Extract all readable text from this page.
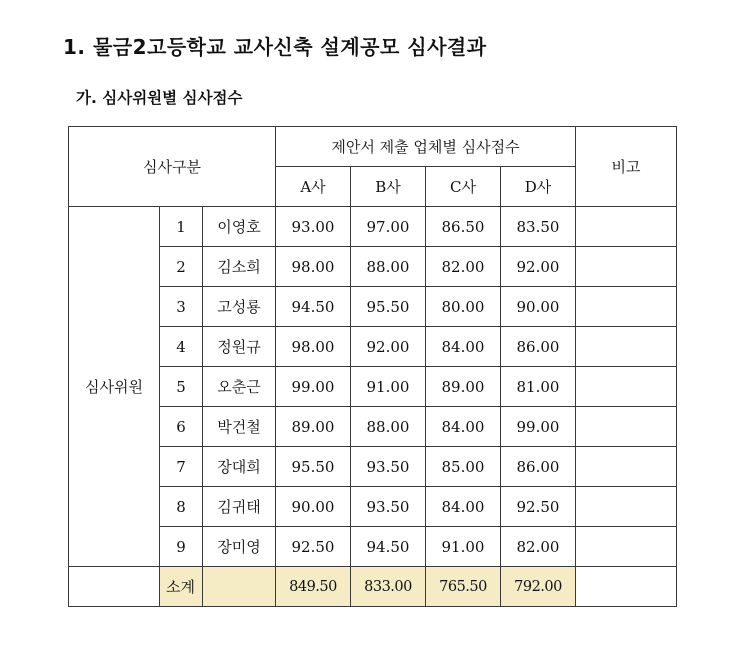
1. 물금2고등학교 교사신축 설계공모 심사결과
가. 심사위원별 심사점수
심사구분			제안서 제출 업체별 심사점수				비고
			A사	B사	C사	D사	
심사위원	1	이영호	93.00	97.00	86.50	83.50	
	2	김소희	98.00	88.00	82.00	92.00	
	3	고성룡	94.50	95.50	80.00	90.00	
	4	정원규	98.00	92.00	84.00	86.00	
	5	오춘근	99.00	91.00	89.00	81.00	
	6	박건철	89.00	88.00	84.00	99.00	
	7	장대희	95.50	93.50	85.00	86.00	
	8	김귀태	90.00	93.50	84.00	92.50	
	9	장미영	92.50	94.50	91.00	82.00	
	소계		849.50	833.00	765.50	792.00	
